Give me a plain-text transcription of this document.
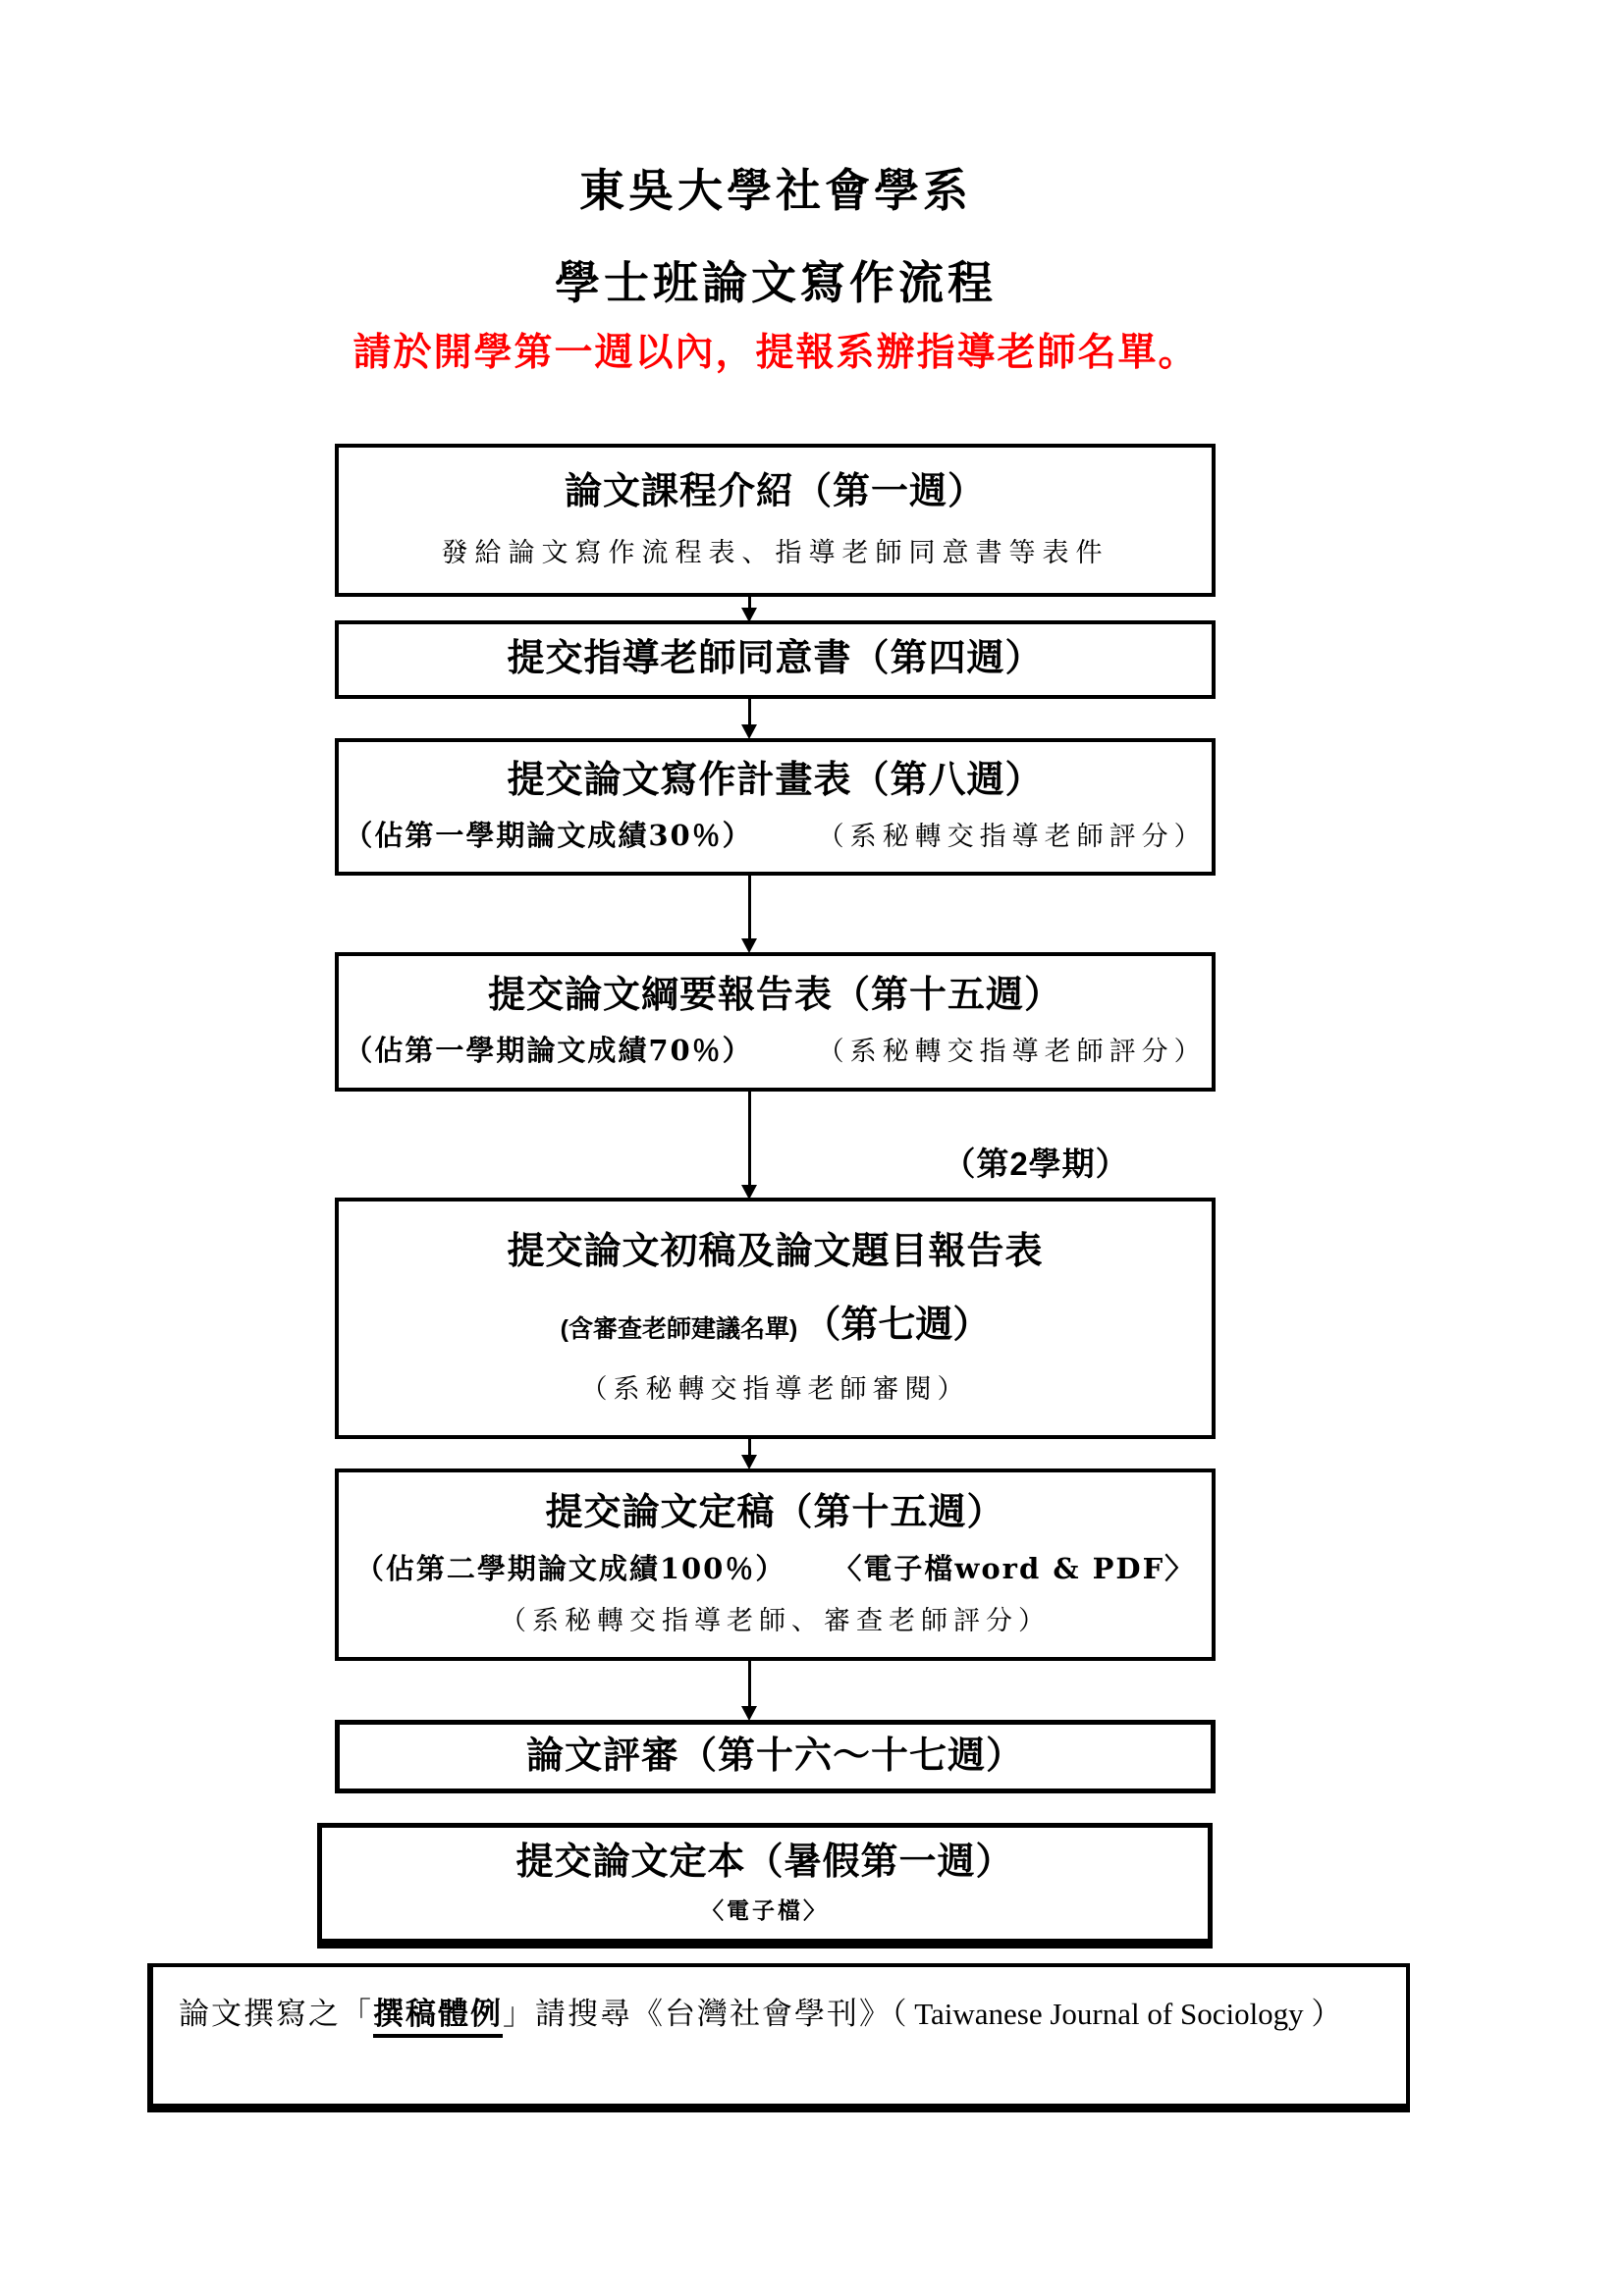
東吳大學社會學系
學士班論文寫作流程
請於開學第一週以內，提報系辦指導老師名單。
論文課程介紹（第一週）
發給論文寫作流程表、指導老師同意書等表件
提交指導老師同意書（第四週）
提交論文寫作計畫表（第八週）
（佔第一學期論文成績30％） （系秘轉交指導老師評分）
提交論文綱要報告表（第十五週）
（佔第一學期論文成績70％） （系秘轉交指導老師評分）
（第2學期）
提交論文初稿及論文題目報告表
(含審查老師建議名單) （第七週）
（系秘轉交指導老師審閱）
提交論文定稿（第十五週）
（佔第二學期論文成績100％） 〈電子檔word & PDF〉
（系秘轉交指導老師、審查老師評分）
論文評審（第十六～十七週）
提交論文定本（暑假第一週）
〈電子檔〉
論文撰寫之「撰稿體例」請搜尋《台灣社會學刊》（ Taiwanese Journal of Sociology ）
